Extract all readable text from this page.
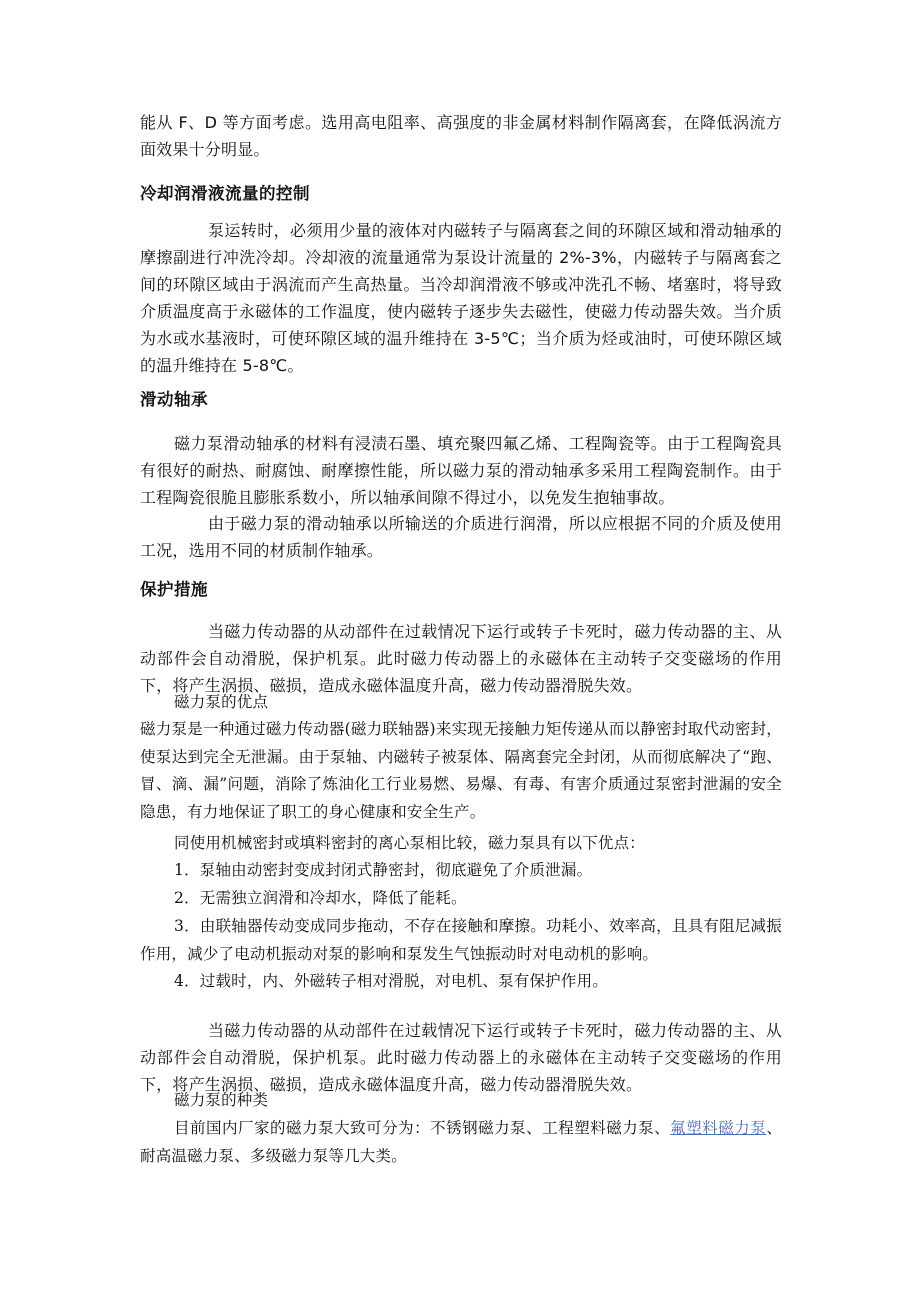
能从 F、D 等方面考虑。选用高电阻率、高强度的非金属材料制作隔离套，在降低涡流方面效果十分明显。

冷却润滑液流量的控制

泵运转时，必须用少量的液体对内磁转子与隔离套之间的环隙区域和滑动轴承的摩擦副进行冲洗冷却。冷却液的流量通常为泵设计流量的 2%-3%，内磁转子与隔离套之间的环隙区域由于涡流而产生高热量。当冷却润滑液不够或冲洗孔不畅、堵塞时，将导致介质温度高于永磁体的工作温度，使内磁转子逐步失去磁性，使磁力传动器失效。当介质为水或水基液时，可使环隙区域的温升维持在 3-5℃；当介质为烃或油时，可使环隙区域的温升维持在 5-8℃。

滑动轴承

磁力泵滑动轴承的材料有浸渍石墨、填充聚四氟乙烯、工程陶瓷等。由于工程陶瓷具有很好的耐热、耐腐蚀、耐摩擦性能，所以磁力泵的滑动轴承多采用工程陶瓷制作。由于工程陶瓷很脆且膨胀系数小，所以轴承间隙不得过小，以免发生抱轴事故。

由于磁力泵的滑动轴承以所输送的介质进行润滑，所以应根据不同的介质及使用工况，选用不同的材质制作轴承。

保护措施

当磁力传动器的从动部件在过载情况下运行或转子卡死时，磁力传动器的主、从动部件会自动滑脱，保护机泵。此时磁力传动器上的永磁体在主动转子交变磁场的作用下，将产生涡损、磁损，造成永磁体温度升高，磁力传动器滑脱失效。

磁力泵的优点

磁力泵是一种通过磁力传动器(磁力联轴器)来实现无接触力矩传递从而以静密封取代动密封，使泵达到完全无泄漏。由于泵轴、内磁转子被泵体、隔离套完全封闭，从而彻底解决了“跑、冒、滴、漏”问题，消除了炼油化工行业易燃、易爆、有毒、有害介质通过泵密封泄漏的安全隐患，有力地保证了职工的身心健康和安全生产。

同使用机械密封或填料密封的离心泵相比较，磁力泵具有以下优点：

1．泵轴由动密封变成封闭式静密封，彻底避免了介质泄漏。

2．无需独立润滑和冷却水，降低了能耗。

3．由联轴器传动变成同步拖动，不存在接触和摩擦。功耗小、效率高，且具有阻尼减振作用，减少了电动机振动对泵的影响和泵发生气蚀振动时对电动机的影响。

4．过载时，内、外磁转子相对滑脱，对电机、泵有保护作用。

当磁力传动器的从动部件在过载情况下运行或转子卡死时，磁力传动器的主、从动部件会自动滑脱，保护机泵。此时磁力传动器上的永磁体在主动转子交变磁场的作用下，将产生涡损、磁损，造成永磁体温度升高，磁力传动器滑脱失效。

磁力泵的种类

目前国内厂家的磁力泵大致可分为：不锈钢磁力泵、工程塑料磁力泵、氟塑料磁力泵、耐高温磁力泵、多级磁力泵等几大类。
